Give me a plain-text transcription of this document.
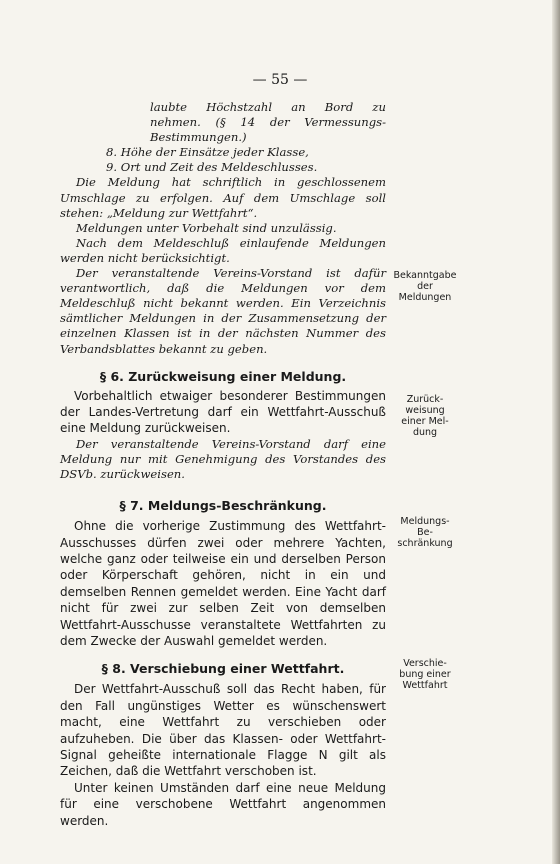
— 55 —

laubte Höchstzahl an Bord zu

nehmen. (§ 14 der Vermessungs-

Bestimmungen.)

8. Höhe der Einsätze jeder Klasse,

9. Ort und Zeit des Meldeschlusses.

Die Meldung hat schriftlich in geschlossenem Umschlage zu erfolgen. Auf dem Umschlage soll stehen: „Meldung zur Wettfahrt“.

Meldungen unter Vorbehalt sind unzulässig.

Nach dem Meldeschluß einlaufende Meldungen werden nicht berücksichtigt.

Der veranstaltende Vereins-Vorstand ist dafür verantwortlich, daß die Meldungen vor dem Meldeschluß nicht bekannt werden. Ein Verzeichnis sämtlicher Meldungen in der Zusammensetzung der einzelnen Klassen ist in der nächsten Nummer des Verbandsblattes bekannt zu geben.

§ 6. Zurückweisung einer Meldung.

Vorbehaltlich etwaiger besonderer Bestimmungen der Landes-Vertretung darf ein Wettfahrt-Ausschuß eine Meldung zurückweisen.

Der veranstaltende Vereins-Vorstand darf eine Meldung nur mit Genehmigung des Vorstandes des DSVb. zurückweisen.

§ 7. Meldungs-Beschränkung.

Ohne die vorherige Zustimmung des Wettfahrt-Ausschusses dürfen zwei oder mehrere Yachten, welche ganz oder teilweise ein und derselben Person oder Körperschaft gehören, nicht in ein und demselben Rennen gemeldet werden. Eine Yacht darf nicht für zwei zur selben Zeit von demselben Wettfahrt-Ausschusse veranstaltete Wettfahrten zu dem Zwecke der Auswahl gemeldet werden.

§ 8. Verschiebung einer Wettfahrt.

Der Wettfahrt-Ausschuß soll das Recht haben, für den Fall ungünstiges Wetter es wünschenswert macht, eine Wettfahrt zu verschieben oder aufzuheben. Die über das Klassen- oder Wettfahrt-Signal geheißte internationale Flagge N gilt als Zeichen, daß die Wettfahrt verschoben ist.

Unter keinen Umständen darf eine neue Meldung für eine verschobene Wettfahrt angenommen werden.

Bekanntgabe
der
Meldungen
Zurück-
weisung
einer Mel-
dung
Meldungs-
Be-
schränkung
Verschie-
bung einer
Wettfahrt
